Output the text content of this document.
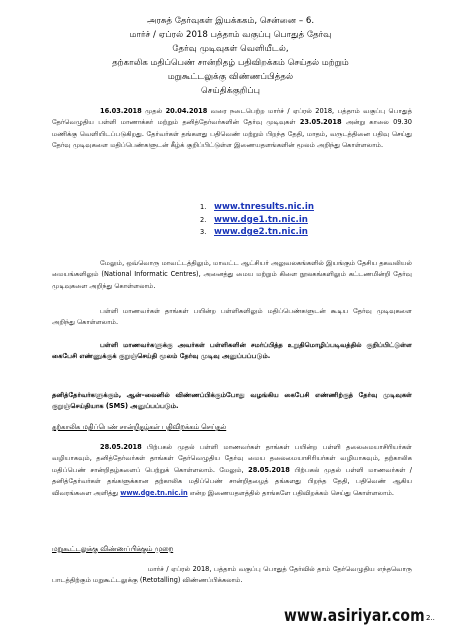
அரசுத் தேர்வுகள் இயக்ககம், சென்னை – 6.

மார்ச் / ஏப்ரல் 2018 பத்தாம் வகுப்பு பொதுத் தேர்வு

தேர்வு முடிவுகள் வெளியீடல்,

தற்காலிக மதிப்பெண் சான்றிதழ் பதிவிறக்கம் செய்தல் மற்றும்

மறுகூட்டலுக்கு விண்ணப்பித்தல்

செய்திக்குறிப்பு

16.03.2018 முதல் 20.04.2018 வரை நடைபெற்ற மார்ச் / ஏப்ரல் 2018, பத்தாம் வகுப்பு பொதுத் தேர்வெழுதிய பள்ளி மாணாக்கர் மற்றும் தனித்தேர்வர்களின் தேர்வு முடிவுகள் 23.05.2018 அன்று காலை 09.30 மணிக்கு வெளியிடப்படுகிறது. தேர்வர்கள் தங்களது பதிவெண் மற்றும் பிறந்த தேதி, மாதம், வருடத்தினை பதிவு செய்து தேர்வு முடிவுகளை மதிப்பெண்களுடன் கீழ்க் குறிப்பிட்டுள்ள இணையதளங்களின் மூலம் அறிந்து கொள்ளலாம்.

1. www.tnresults.nic.in
2. www.dge1.tn.nic.in
3. www.dge2.tn.nic.in

மேலும், ஒவ்வொரு மாவட்டத்திலும், மாவட்ட ஆட்சியர் அலுவலகங்களில் இயங்கும் தேசிய தகவலியல் மையங்களிலும் (National Informatic Centres), அனைத்து மைய மற்றும் கிளை நூலகங்களிலும் கட்டணமின்றி தேர்வு முடிவுகளை அறிந்து கொள்ளலாம்.

பள்ளி மாணவர்கள் தாங்கள் பயின்ற பள்ளிகளிலும் மதிப்பெண்களுடன் கூடிய தேர்வு முடிவுகளை அறிந்து கொள்ளலாம்.

பள்ளி மாணவர்களுக்கு அவர்கள் பள்ளிகளின் சமர்ப்பித்த உறுதிமொழிப்படிவத்தில் குறிப்பிட்டுள்ள கைபேசி எண்ணுக்குக் குறுஞ்செய்தி மூலம் தேர்வு முடிவு அனுப்பப்படும்.

தனித்தேர்வர்களுக்கும், ஆன்–லைனில் விண்ணப்பிக்கும்போது வழங்கிய கைபேசி எண்ணிற்குத் தேர்வு முடிவுகள் குறுஞ்செய்தியாக (SMS) அனுப்பப்படும்.

தற்காலிக மதிப்பெண் சான்றிதழ்கள் பதிவிறக்கம் செய்தல்

28.05.2018 பிற்பகல் முதல் பள்ளி மாணவர்கள் தாங்கள் பயின்ற பள்ளி தலைமையாசிரியர்கள் வழியாகவும், தனித்தேர்வர்கள் தாங்கள் தேர்வெழுதிய தேர்வு மைய தலைமையாசிரியர்கள் வழியாகவும், தற்காலிக மதிப்பெண் சான்றிதழ்களைப் பெற்றுக் கொள்ளலாம். மேலும், 28.05.2018 பிற்பகல் முதல் பள்ளி மாணவர்கள் / தனித்தேர்வர்கள் தங்களுக்கான தற்காலிக மதிப்பெண் சான்றிதழைத் தங்களது பிறந்த தேதி, பதிவெண் ஆகிய விவரங்களை அளித்து www.dge.tn.nic.in என்ற இணையதளத்தில் தாங்களே பதிவிறக்கம் செய்து கொள்ளலாம்.

மறுகூட்டலுக்கு விண்ணப்பிக்கும் முறை

மார்ச் / ஏப்ரல் 2018, பத்தாம் வகுப்பு பொதுத் தேர்வில் தாம் தேர்வெழுதிய எந்தவொரு பாடத்திற்கும் மறுகூட்டலுக்கு (Retotalling) விண்ணப்பிக்கலாம்.

www.asiriyar.com 2..
